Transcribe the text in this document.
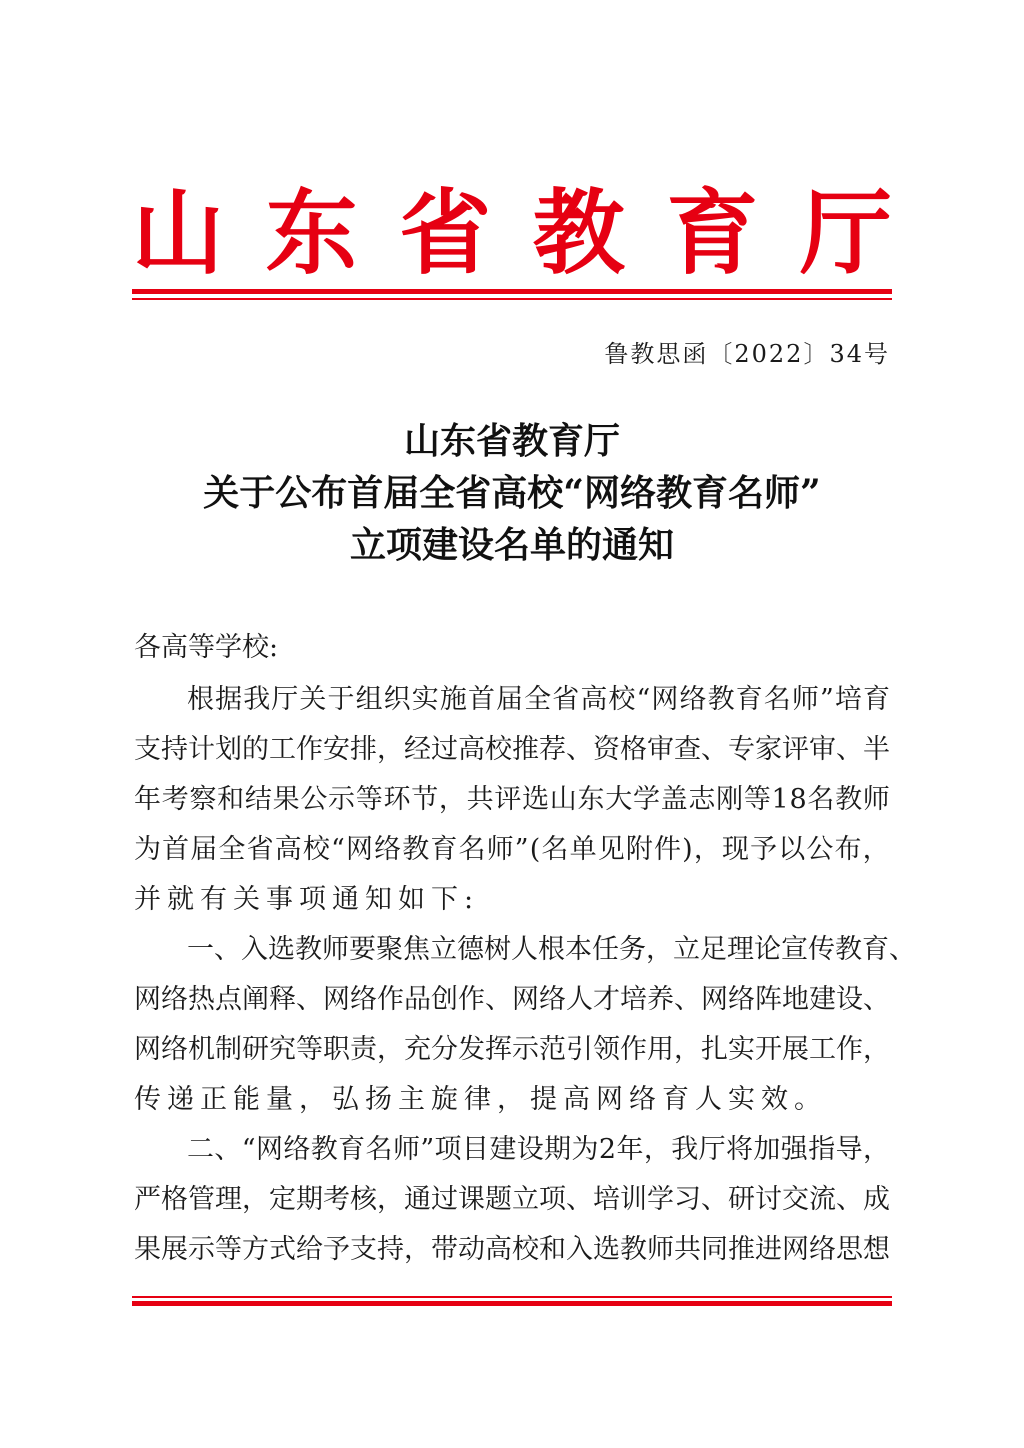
山 东 省 教 育 厅
鲁教思函〔2022〕34号
山东省教育厅
关于公布首届全省高校“网络教育名师”
立项建设名单的通知
各高等学校:
根 据 我 厅 关 于 组 织 实 施 首 届 全 省 高 校 “ 网 络 教 育 名 师 ” 培 育
支 持 计 划 的 工 作 安 排 ， 经 过 高 校 推 荐 、 资 格 审 查 、 专 家 评 审 、 半
年 考 察 和 结 果 公 示 等 环 节 ， 共 评 选 山 东 大 学 盖 志 刚 等 1 8 名 教 师
为 首 届 全 省 高 校 “ 网 络 教 育 名 师 ” ( 名 单 见 附 件 ) ， 现 予 以 公 布 ，
并就有关事项通知如下:
一 、 入 选 教 师 要 聚 焦 立 德 树 人 根 本 任 务 ， 立 足 理 论 宣 传 教 育 、
网 络 热 点 阐 释 、 网 络 作 品 创 作 、 网 络 人 才 培 养 、 网 络 阵 地 建 设 、
网 络 机 制 研 究 等 职 责 ， 充 分 发 挥 示 范 引 领 作 用 ， 扎 实 开 展 工 作 ，
传递正能量，弘扬主旋律，提高网络育人实效。
二 、 “ 网 络 教 育 名 师 ” 项 目 建 设 期 为 2 年 ， 我 厅 将 加 强 指 导 ，
严 格 管 理 ， 定 期 考 核 ， 通 过 课 题 立 项 、 培 训 学 习 、 研 讨 交 流 、 成
果 展 示 等 方 式 给 予 支 持 ， 带 动 高 校 和 入 选 教 师 共 同 推 进 网 络 思 想
